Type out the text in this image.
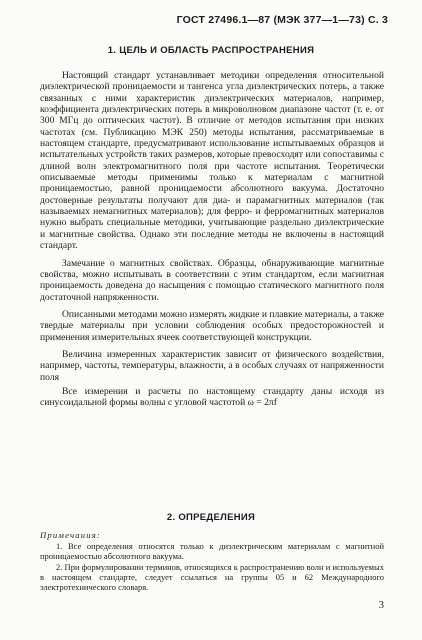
ГОСТ 27496.1—87 (МЭК 377—1—73) С. 3
1. ЦЕЛЬ И ОБЛАСТЬ РАСПРОСТРАНЕНИЯ

Настоящий стандарт устанавливает методики определения относительной диэлектрической проницаемости и тангенса угла диэлектрических потерь, а также связанных с ними характеристик диэлектрических материалов, например, коэффициента диэлектрических потерь в микроволновом диапазоне частот (т. е. от 300 МГц до оптических частот). В отличие от методов испытания при низких частотах (см. Публикацию МЭК 250) методы испытания, рассматриваемые в настоящем стандарте, предусматривают использование испытываемых образцов и испытательных устройств таких размеров, которые превосходят или сопоставимы с длиной волн электромагнитного поля при частоте испытания. Теоретически описываемые методы применимы только к материалам с магнитной проницаемостью, равной проницаемости абсолютного вакуума. Достаточно достоверные результаты получают для диа- и парамагнитных материалов (так называемых немагнитных материалов); для ферро- и ферромагнитных материалов нужно выбрать специальные методики, учитывающие раздельно диэлектрические и магнитные свойства. Однако эти последние методы не включены в настоящий стандарт.

Замечание о магнитных свойствах. Образцы, обнаруживающие магнитные свойства, можно испытывать в соответствии с этим стандартом, если магнитная проницаемость доведена до насыщения с помощью статического магнитного поля достаточной напряженности.

Описанными методами можно измерять жидкие и плавкие материалы, а также твердые материалы при условии соблюдения особых предосторожностей и применения измерительных ячеек соответствующей конструкции.

Величина измеренных характеристик зависит от физического воздействия, например, частоты, температуры, влажности, а в особых случаях от напряженности поля

Все измерения и расчеты по настоящему стандарту даны исходя из синусоидальной формы волны с угловой частотой ω = 2πf

2. ОПРЕДЕЛЕНИЯ

Примечания:

1. Все определения относятся только к диэлектрическим материалам с магнитной проницаемостью абсолютного вакуума.

2. При формулировании терминов, относящихся к распространению волн и используемых в настоящем стандарте, следует ссылаться на группы 05 и 62 Международного электротехнического словаря.

3
